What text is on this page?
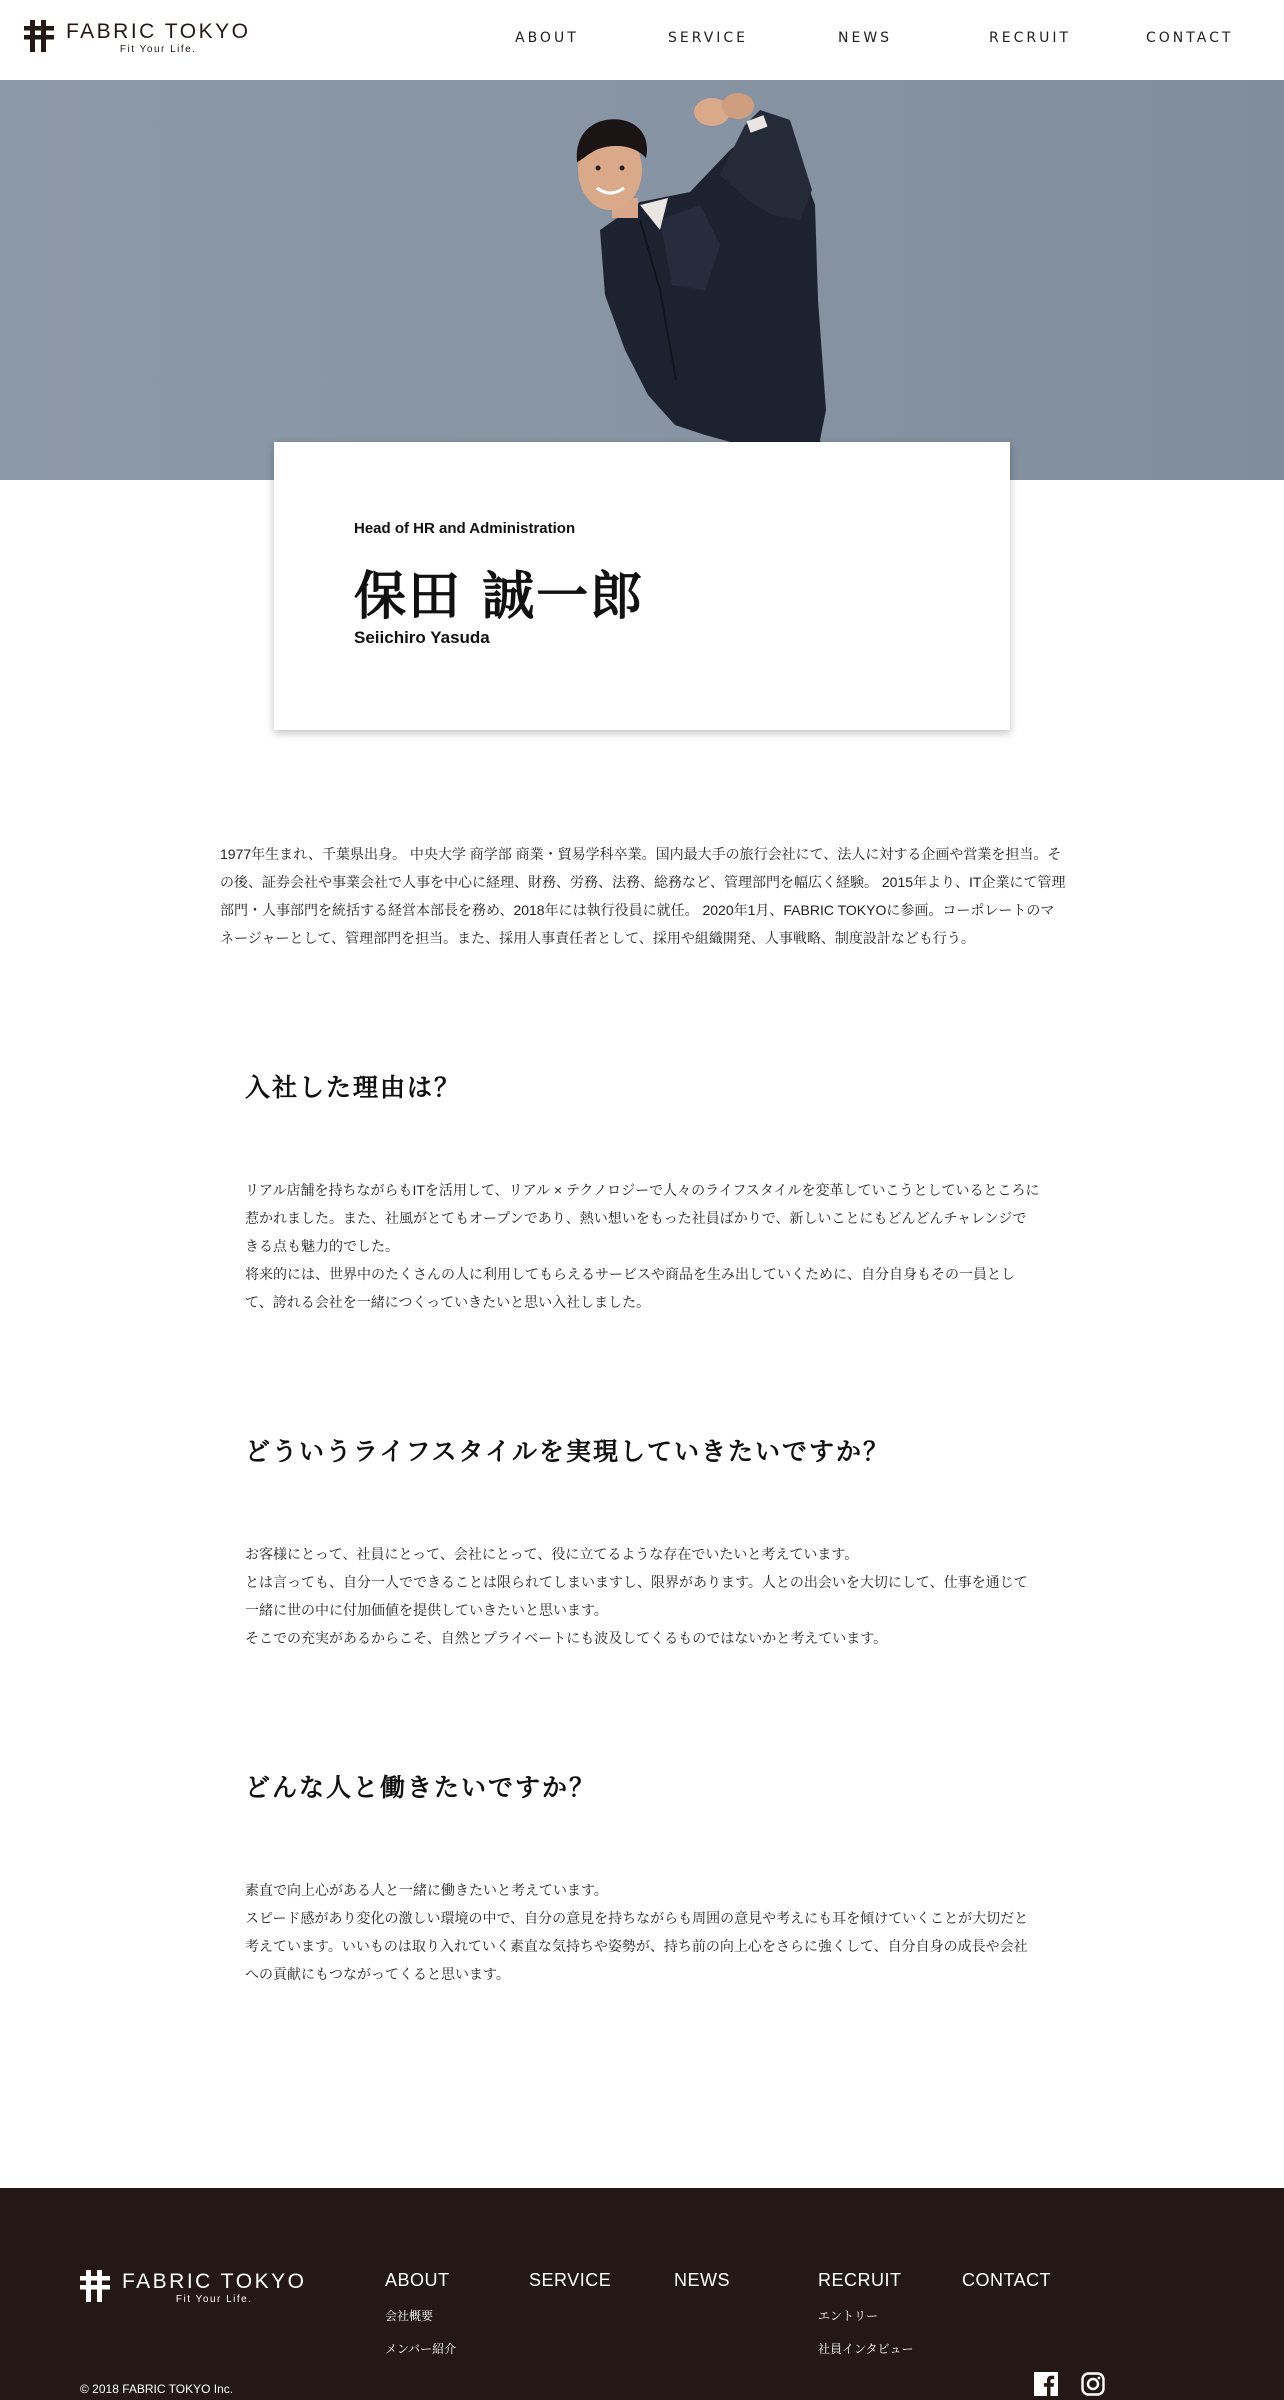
FABRIC TOKYO
Fit Your Life.
ABOUT	SERVICE	NEWS	RECRUIT	CONTACT
Head of HR and Administration
保田 誠一郎
Seiichiro Yasuda

1977年生まれ、千葉県出身。 中央大学 商学部 商業・貿易学科卒業。国内最大手の旅行会社にて、法人に対する企画や営業を担当。その後、証券会社や事業会社で人事を中心に経理、財務、労務、法務、総務など、管理部門を幅広く経験。 2015年より、IT企業にて管理部門・人事部門を統括する経営本部長を務め、2018年には執行役員に就任。 2020年1月、FABRIC TOKYOに参画。コーポレートのマネージャーとして、管理部門を担当。また、採用人事責任者として、採用や組織開発、人事戦略、制度設計なども行う。

入社した理由は？

リアル店舗を持ちながらもITを活用して、リアル × テクノロジーで人々のライフスタイルを変革していこうとしているところに惹かれました。また、社風がとてもオープンであり、熱い想いをもった社員ばかりで、新しいことにもどんどんチャレンジできる点も魅力的でした。

将来的には、世界中のたくさんの人に利用してもらえるサービスや商品を生み出していくために、自分自身もその一員として、誇れる会社を一緒につくっていきたいと思い入社しました。

どういうライフスタイルを実現していきたいですか？

お客様にとって、社員にとって、会社にとって、役に立てるような存在でいたいと考えています。

とは言っても、自分一人でできることは限られてしまいますし、限界があります。人との出会いを大切にして、仕事を通じて一緒に世の中に付加価値を提供していきたいと思います。

そこでの充実があるからこそ、自然とプライベートにも波及してくるものではないかと考えています。

どんな人と働きたいですか？

素直で向上心がある人と一緒に働きたいと考えています。

スピード感があり変化の激しい環境の中で、自分の意見を持ちながらも周囲の意見や考えにも耳を傾けていくことが大切だと考えています。いいものは取り入れていく素直な気持ちや姿勢が、持ち前の向上心をさらに強くして、自分自身の成長や会社への貢献にもつながってくると思います。

FABRIC TOKYO
Fit Your Life.
ABOUT
会社概要
メンバー紹介
SERVICE	NEWS	RECRUIT
エントリー
社員インタビュー
CONTACT
© 2018 FABRIC TOKYO Inc.
